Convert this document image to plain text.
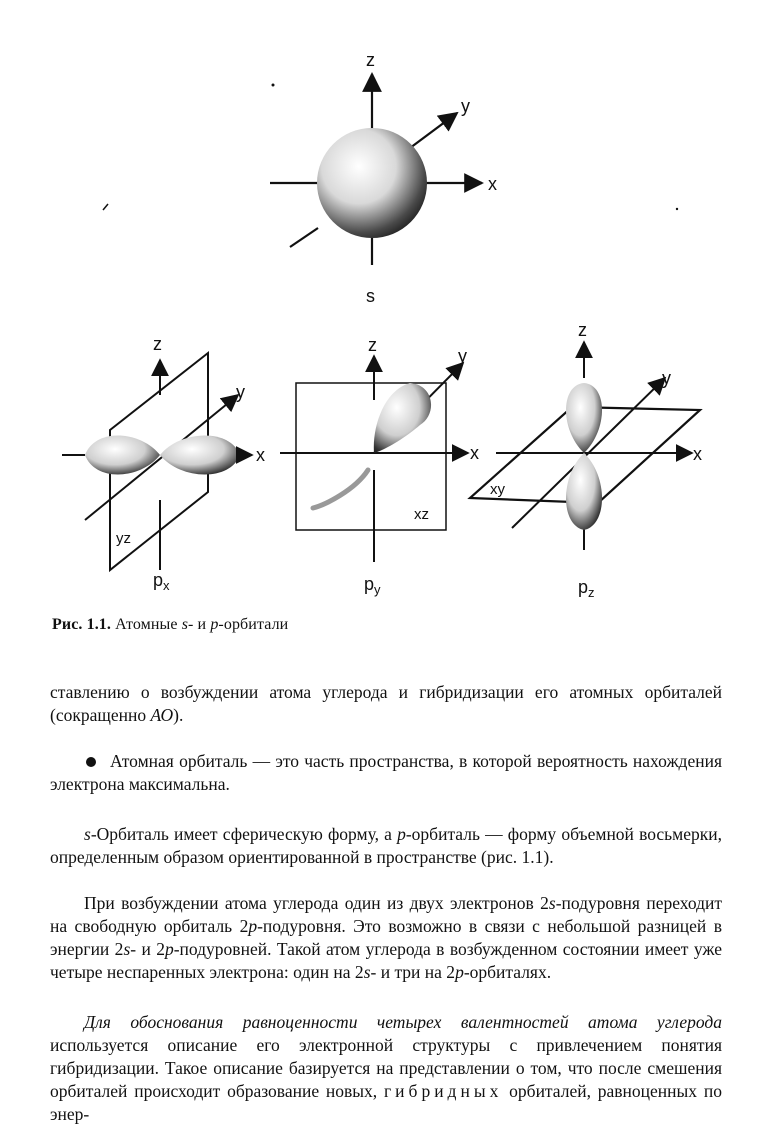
z
y
x
s
z
y
x
yz
$p_x$
z
y
x
xz
$p_y$
z
y
x
xy
$p_z$
Рис. 1.1. Атомные s- и p-орбитали
ставлению о возбуждении атома углерода и гибридизации его атомных орбиталей (сокращенно АО).
Атомная орбиталь — это часть пространства, в которой вероятность нахождения электрона максимальна.
s-Орбиталь имеет сферическую форму, а p-орбиталь — форму объемной восьмерки, определенным образом ориентированной в пространстве (рис. 1.1).
При возбуждении атома углерода один из двух электронов 2s-подуровня переходит на свободную орбиталь 2p-подуровня. Это возможно в связи с небольшой разницей в энергии 2s- и 2p-подуровней. Такой атом углерода в возбужденном состоянии имеет уже четыре неспаренных электрона: один на 2s- и три на 2p-орбиталях.
Для обоснования равноценности четырех валентностей атома углерода используется описание его электронной структуры с привлечением понятия гибридизации. Такое описание базируется на представлении о том, что после смешения орбиталей происходит образование новых, гибридных орбиталей, равноценных по энер-
